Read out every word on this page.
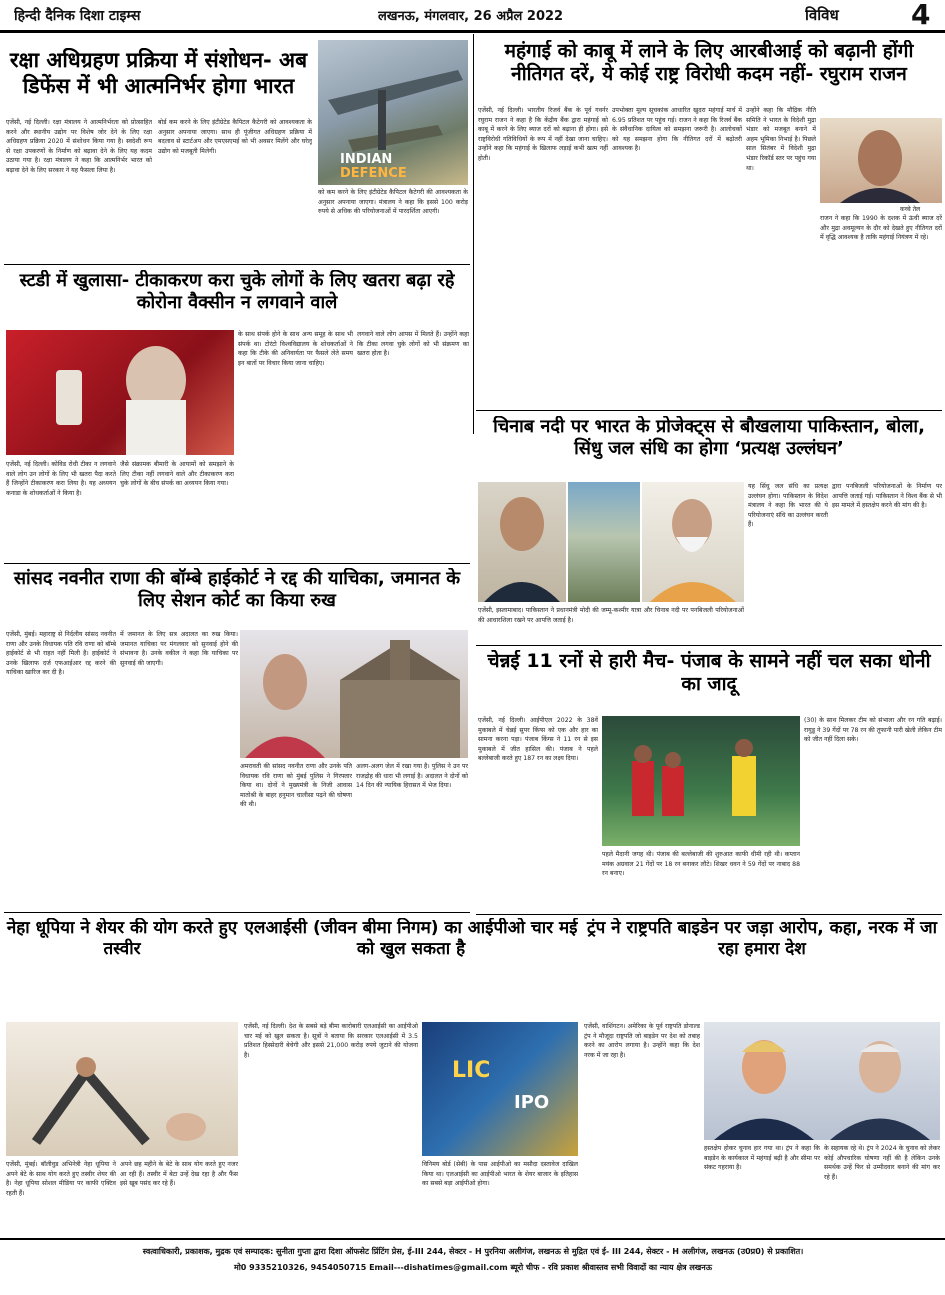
हिन्दी दैनिक दिशा टाइम्स	लखनऊ, मंगलवार, 26 अप्रैल 2022	विविध	4
रक्षा अधिग्रहण प्रक्रिया में संशोधन- अब डिफेंस में भी आत्मनिर्भर होगा भारत
INDIAN
DEFENCE
एजेंसी, नई दिल्ली। रक्षा मंत्रालय ने आत्मनिर्भरता को प्रोत्साहित करने और स्थानीय उद्योग पर विशेष जोर देने के लिए रक्षा अधिग्रहण प्रक्रिया 2020 में संशोधन किया गया है। स्वदेशी रूप से रक्षा उपकरणों के निर्माण को बढ़ावा देने के लिए यह कदम उठाया गया है। रक्षा मंत्रालय ने कहा कि आत्मनिर्भर भारत को बढ़ावा देने के लिए सरकार ने यह फैसला लिया है।
बोर्ड कम करने के लिए इंटीग्रेटेड कैपिटल कैटेगरी को आवश्यकता के अनुसार अपनाया जाएगा। साथ ही पूंजीगत अधिग्रहण प्रक्रिया में बदलाव से स्टार्टअप और एमएसएमई को भी अवसर मिलेंगे और घरेलू उद्योग को मजबूती मिलेगी।
को कम करने के लिए इंटीग्रेटेड कैपिटल कैटेगरी की आवश्यकता के अनुसार अपनाया जाएगा। मंत्रालय ने कहा कि इससे 100 करोड़ रुपये से अधिक की परियोजनाओं में पारदर्शिता आएगी।
महंगाई को काबू में लाने के लिए आरबीआई को बढ़ानी होंगी नीतिगत दरें, ये कोई राष्ट्र विरोधी कदम नहीं- रघुराम राजन
एजेंसी, नई दिल्ली। भारतीय रिजर्व बैंक के पूर्व गवर्नर रघुराम राजन ने कहा है कि केंद्रीय बैंक द्वारा महंगाई को काबू में करने के लिए ब्याज दरों को बढ़ाना ही होगा। इसे राष्ट्रविरोधी गतिविधियों के रूप में नहीं देखा जाना चाहिए। उन्होंने कहा कि महंगाई के खिलाफ लड़ाई कभी खत्म नहीं होती।
उपभोक्ता मूल्य सूचकांक आधारित खुदरा महंगाई मार्च में 6.95 प्रतिशत पर पहुंच गई। राजन ने कहा कि रिजर्व बैंक के संवैधानिक दायित्व को समझना जरूरी है। आलोचकों को यह समझना होगा कि नीतिगत दरों में बढ़ोतरी आवश्यक है।
उन्होंने कहा कि मौद्रिक नीति समिति ने भारत के विदेशी मुद्रा भंडार को मजबूत बनाने में अहम भूमिका निभाई है। पिछले साल सितंबर में विदेशी मुद्रा भंडार रिकॉर्ड स्तर पर पहुंच गया था।
कच्चे तेल
राजन ने कहा कि 1990 के दशक में ऊंची ब्याज दरें और मुद्रा अवमूल्यन के दौर को देखते हुए नीतिगत दरों में वृद्धि आवश्यक है ताकि महंगाई नियंत्रण में रहे।
स्टडी में खुलासा- टीकाकरण करा चुके लोगों के लिए खतरा बढ़ा रहे कोरोना वैक्सीन न लगवाने वाले
के साथ संपर्क होने के साथ अन्य समूह के साथ भी संपर्क था। टोरंटो विश्वविद्यालय के शोधकर्ताओं ने कहा कि टीके की अनिवार्यता पर फैसले लेते समय इन बातों पर विचार किया जाना चाहिए।
लगवाने वाले लोग आपस में मिलते हैं। उन्होंने कहा कि टीका लगवा चुके लोगों को भी संक्रमण का खतरा होता है।
एजेंसी, नई दिल्ली। कोविड रोधी टीका न लगवाने वाले लोग उन लोगों के लिए भी खतरा पैदा करते हैं जिन्होंने टीकाकरण करा लिया है। यह अध्ययन कनाडा के शोधकर्ताओं ने किया है।
जैसे संक्रामक बीमारी के आयामों को समझाने के लिए टीका नहीं लगवाने वाले और टीकाकरण करा चुके लोगों के बीच संपर्क का अध्ययन किया गया।
चिनाब नदी पर भारत के प्रोजेक्ट्स से बौखलाया पाकिस्तान, बोला, सिंधु जल संधि का होगा ‘प्रत्यक्ष उल्लंघन’
यह सिंधु जल संधि का प्रत्यक्ष उल्लंघन होगा। पाकिस्तान के विदेश मंत्रालय ने कहा कि भारत की ये परियोजनाएं संधि का उल्लंघन करती हैं।
द्वारा पनबिजली परियोजनाओं के निर्माण पर आपत्ति जताई गई। पाकिस्तान ने विश्व बैंक से भी इस मामले में हस्तक्षेप करने की मांग की है।
एजेंसी, इस्लामाबाद। पाकिस्तान ने प्रधानमंत्री मोदी की जम्मू-कश्मीर यात्रा और चिनाब नदी पर पनबिजली परियोजनाओं की आधारशिला रखने पर आपत्ति जताई है।
सांसद नवनीत राणा की बॉम्बे हाईकोर्ट ने रद्द की याचिका, जमानत के लिए सेशन कोर्ट का किया रुख
एजेंसी, मुंबई। महाराष्ट्र से निर्दलीय सांसद नवनीत राणा और उनके विधायक पति रवि राणा को बॉम्बे हाईकोर्ट से भी राहत नहीं मिली है। हाईकोर्ट ने उनके खिलाफ दर्ज एफआईआर रद्द करने की याचिका खारिज कर दी है।
में जमानत के लिए सत्र अदालत का रुख किया। जमानत याचिका पर मंगलवार को सुनवाई होने की संभावना है। उनके वकील ने कहा कि याचिका पर सुनवाई की जाएगी।
अमरावती की सांसद नवनीत राणा और उनके पति विधायक रवि राणा को मुंबई पुलिस ने गिरफ्तार किया था। दोनों ने मुख्यमंत्री के निजी आवास मातोश्री के बाहर हनुमान चालीसा पढ़ने की घोषणा की थी।
अलग-अलग जेल में रखा गया है। पुलिस ने उन पर राजद्रोह की धारा भी लगाई है। अदालत ने दोनों को 14 दिन की न्यायिक हिरासत में भेज दिया।
चेन्नई 11 रनों से हारी मैच- पंजाब के सामने नहीं चल सका धोनी का जादू
एजेंसी, नई दिल्ली। आईपीएल 2022 के 38वें मुकाबले में चेन्नई सुपर किंग्स को एक और हार का सामना करना पड़ा। पंजाब किंग्स ने 11 रन से इस मुकाबले में जीत हासिल की। पंजाब ने पहले बल्लेबाजी करते हुए 187 रन का लक्ष्य दिया।
पहले मैदानी जगह थी। पंजाब की बल्लेबाजी की शुरुआत काफी धीमी रही थी। कप्तान मयंक अग्रवाल 21 गेंदों पर 18 रन बनाकर लौटे। शिखर धवन ने 59 गेंदों पर नाबाद 88 रन बनाए।
(30) के साथ मिलकर टीम को संभाला और रन गति बढ़ाई। रायुडू ने 39 गेंदों पर 78 रन की तूफानी पारी खेली लेकिन टीम को जीत नहीं दिला सके।
नेहा धूपिया ने शेयर की योग करते हुए तस्वीर
एजेंसी, मुंबई। बॉलीवुड अभिनेत्री नेहा धूपिया ने अपने बेटे के साथ योग करते हुए तस्वीर शेयर की है। नेहा धूपिया सोशल मीडिया पर काफी एक्टिव रहती हैं।
अपने छह महीने के बेटे के साथ योग करते हुए नजर आ रही हैं। तस्वीर में बेटा उन्हें देख रहा है और फैंस इसे खूब पसंद कर रहे हैं।
एलआईसी (जीवन बीमा निगम) का आईपीओ चार मई को खुल सकता है
एजेंसी, नई दिल्ली। देश के सबसे बड़े बीमा कारोबारी एलआईसी का आईपीओ चार मई को खुल सकता है। सूत्रों ने बताया कि सरकार एलआईसी में 3.5 प्रतिशत हिस्सेदारी बेचेगी और इससे 21,000 करोड़ रुपये जुटाने की योजना है।
LIC
IPO
विनिमय बोर्ड (सेबी) के पास आईपीओ का मसौदा दस्तावेज दाखिल किया था। एलआईसी का आईपीओ भारत के शेयर बाजार के इतिहास का सबसे बड़ा आईपीओ होगा।
ट्रंप ने राष्ट्रपति बाइडेन पर जड़ा आरोप, कहा, नरक में जा रहा हमारा देश
एजेंसी, वाशिंगटन। अमेरिका के पूर्व राष्ट्रपति डोनाल्ड ट्रंप ने मौजूदा राष्ट्रपति जो बाइडेन पर देश को तबाह करने का आरोप लगाया है। उन्होंने कहा कि देश नरक में जा रहा है।
हस्तक्षेप होकर चुनाव हार गया था। ट्रंप ने कहा कि बाइडेन के कार्यकाल में महंगाई बढ़ी है और सीमा पर संकट गहराया है।
के सहायक रहे थे। ट्रंप ने 2024 के चुनाव को लेकर कोई औपचारिक घोषणा नहीं की है लेकिन उनके समर्थक उन्हें फिर से उम्मीदवार बनाने की मांग कर रहे हैं।
स्वत्वाधिकारी, प्रकाशक, मुद्रक एवं सम्पादक: सुनीता गुप्ता द्वारा दिशा ऑफसेट प्रिंटिंग प्रेस, ई-III 244, सेक्टर - H पुरनिया अलीगंज, लखनऊ से मुद्रित एवं ई- III 244, सेक्टर - H अलीगंज, लखनऊ (उ0प्र0) से प्रकाशित।
मो0 9335210326, 9454050715 Email---dishatimes@gmail.com ब्यूरो चीफ - रवि प्रकाश श्रीवास्तव सभी विवादों का न्याय क्षेत्र लखनऊ
